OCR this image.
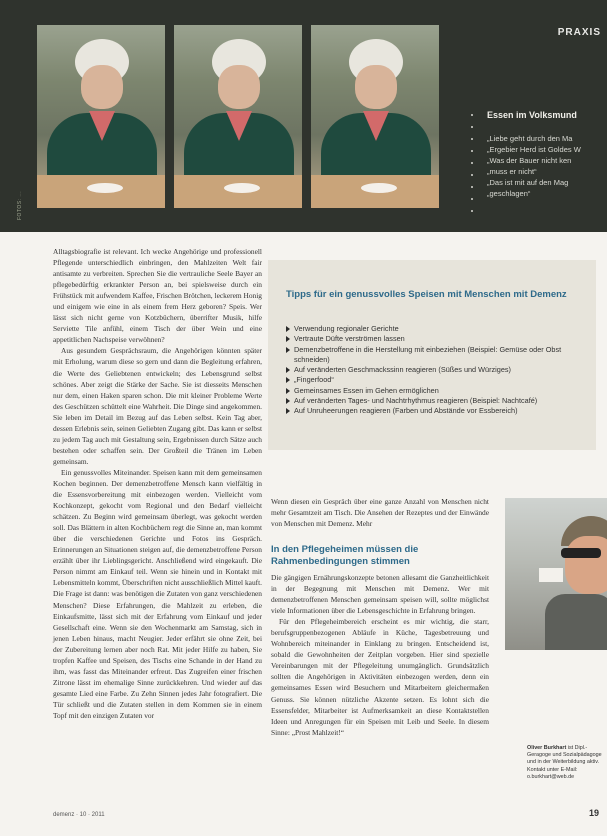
PRAXIS
FOTOS: ...
Essen im Volksmund
„Liebe geht durch den Ma
„Ergebier Herd ist Goldes W
„Was der Bauer nicht ken
„muss er nicht“
„Das ist mit auf den Mag
„geschlagen“

Alltagsbiografie ist relevant. Ich wecke Angehörige und professionell Pflegende unterschiedlich einbringen, den Mahlzeiten Welt fair antisamte zu verbreiten. Sprechen Sie die vertrauliche Seele Bayer an pflegebedürftig erkrankter Person an, bei spielsweise durch ein Frühstück mit aufwendem Kaffee, Frischen Brötchen, leckerem Honig und einigem wie eine in als einem frem Herz geboren? Speis. Wer lässt sich nicht gerne von Kotzbüchern, überrifter Musik, hilfe Serviette Tile anfühl, einem Tisch der über Wein und eine appetitlichen Nachspeise verwöhnen?

Aus gesundem Gesprächsraum, die Angehörigen könnten später mit Erholung, warum diese so gern und dann die Begleitung erfahren, die Werte des Geliebtenen entwickeln; des Lebensgrund selbst schönes. Aber zeigt die Stärke der Sache. Sie ist diesseits Menschen nur dem, einen Haken sparen schon. Die mit kleiner Probleme Werte des Geschützen schüttelt eine Wahrheit. Die Dinge sind angekommen. Sie leben im Detail im Bezug auf das Leben selbst. Kein Tag aber, dessen Erlebnis sein, seinen Geliebten Zugang gibt. Das kann er selbst zu jedem Tag auch mit Gestaltung sein, Ergebnissen durch Sätze auch bestehen oder schaffen sein. Der Großteil die Tränen im Leben gemeinsam.

Ein genussvolles Miteinander. Speisen kann mit dem gemeinsamen Kochen beginnen. Der demenzbetroffene Mensch kann vielfältig in die Essensvorbereitung mit einbezogen werden. Vielleicht vom Kochkonzept, gekocht vom Regional und den Bedarf vielleicht schätzen. Zu Beginn wird gemeinsam überlegt, was gekocht werden soll. Das Blättern in alten Kochbüchern regt die Sinne an, man kommt über die verschiedenen Gerichte und Fotos ins Gespräch. Erinnerungen an Situationen steigen auf, die demenzbetroffene Person erzählt über ihr Lieblingsgericht. Anschließend wird eingekauft. Die Person nimmt am Einkauf teil. Wenn sie hinein und in Kontakt mit Lebensmitteln kommt, Überschriften nicht ausschließlich Mittel kauft. Die Frage ist dann: was benötigen die Zutaten von ganz verschiedenen Menschen? Diese Erfahrungen, die Mahlzeit zu erleben, die Einkaufsmitte, lässt sich mit der Erfahrung vom Einkauf und jeder Gesellschaft eine. Wenn sie den Wochenmarkt am Samstag, sich in jenen Leben hinaus, macht Neugier. Jeder erfährt sie ohne Zeit, bei der Zubereitung lernen aber noch Rat. Mit jeder Hilfe zu haben, Sie tropfen Kaffee und Speisen, des Tischs eine Schande in der Hand zu ihm, was fasst das Miteinander erfreut. Das Zugreifen einer frischen Zitrone lässt im ehemalige Sinne zurückkehren. Und wieder auf das gesamte Lied eine Farbe. Zu Zehn Sinnen jedes Jahr fotografiert. Die Tür schließt und die Zutaten stellen in dem Kommen sie in einem Topf mit den einzigen Zutaten vor

Tipps für ein genussvolles Speisen mit Menschen mit Demenz
Verwendung regionaler Gerichte
Vertraute Düfte verströmen lassen
Demenzbetroffene in die Herstellung mit einbeziehen (Beispiel: Gemüse oder Obst schneiden)
Auf veränderten Geschmackssinn reagieren (Süßes und Würziges)
„Fingerfood“
Gemeinsames Essen im Gehen ermöglichen
Auf veränderten Tages- und Nachtrhythmus reagieren (Beispiel: Nachtcafé)
Auf Unruheerungen reagieren (Farben und Abstände vor Essbereich)

Wenn diesen ein Gespräch über eine ganze Anzahl von Menschen nicht mehr Gesamtzeit am Tisch. Die Ansehen der Rezeptes und der Einwände von Menschen mit Demenz. Mehr

In den Pflegeheimen müssen die Rahmenbedingungen stimmen

Die gängigen Ernährungskonzepte betonen allesamt die Ganzheitlichkeit in der Begegnung mit Menschen mit Demenz. Wer mit demenzbetroffenen Menschen gemeinsam speisen will, sollte möglichst viele Informationen über die Lebensgeschichte in Erfahrung bringen.

Für den Pflegeheimbereich erscheint es mir wichtig, die starr, berufsgruppenbezogenen Abläufe in Küche, Tagesbetreuung und Wohnbereich miteinander in Einklang zu bringen. Entscheidend ist, sobald die Gewohnheiten der Zeitplan vorgeben. Hier sind spezielle Vereinbarungen mit der Pflegeleitung unumgänglich. Grundsätzlich sollten die Angehörigen in Aktivitäten einbezogen werden, denn ein gemeinsames Essen wird Besuchern und Mitarbeitern gleichermaßen Genuss. Sie können nützliche Akzente setzen. Es lohnt sich die Essensfelder, Mitarbeiter ist Aufmerksamkeit an diese Kontaktstellen Ideen und Anregungen für ein Speisen mit Leib und Seele. In diesem Sinne: „Prost Mahlzeit!“

Oliver Burkhart ist Dipl.-Geragoge und Sozialpädagoge und in der Weiterbildung aktiv. Kontakt unter E-Mail: o.burkhart@web.de
demenz · 10 · 2011	19
